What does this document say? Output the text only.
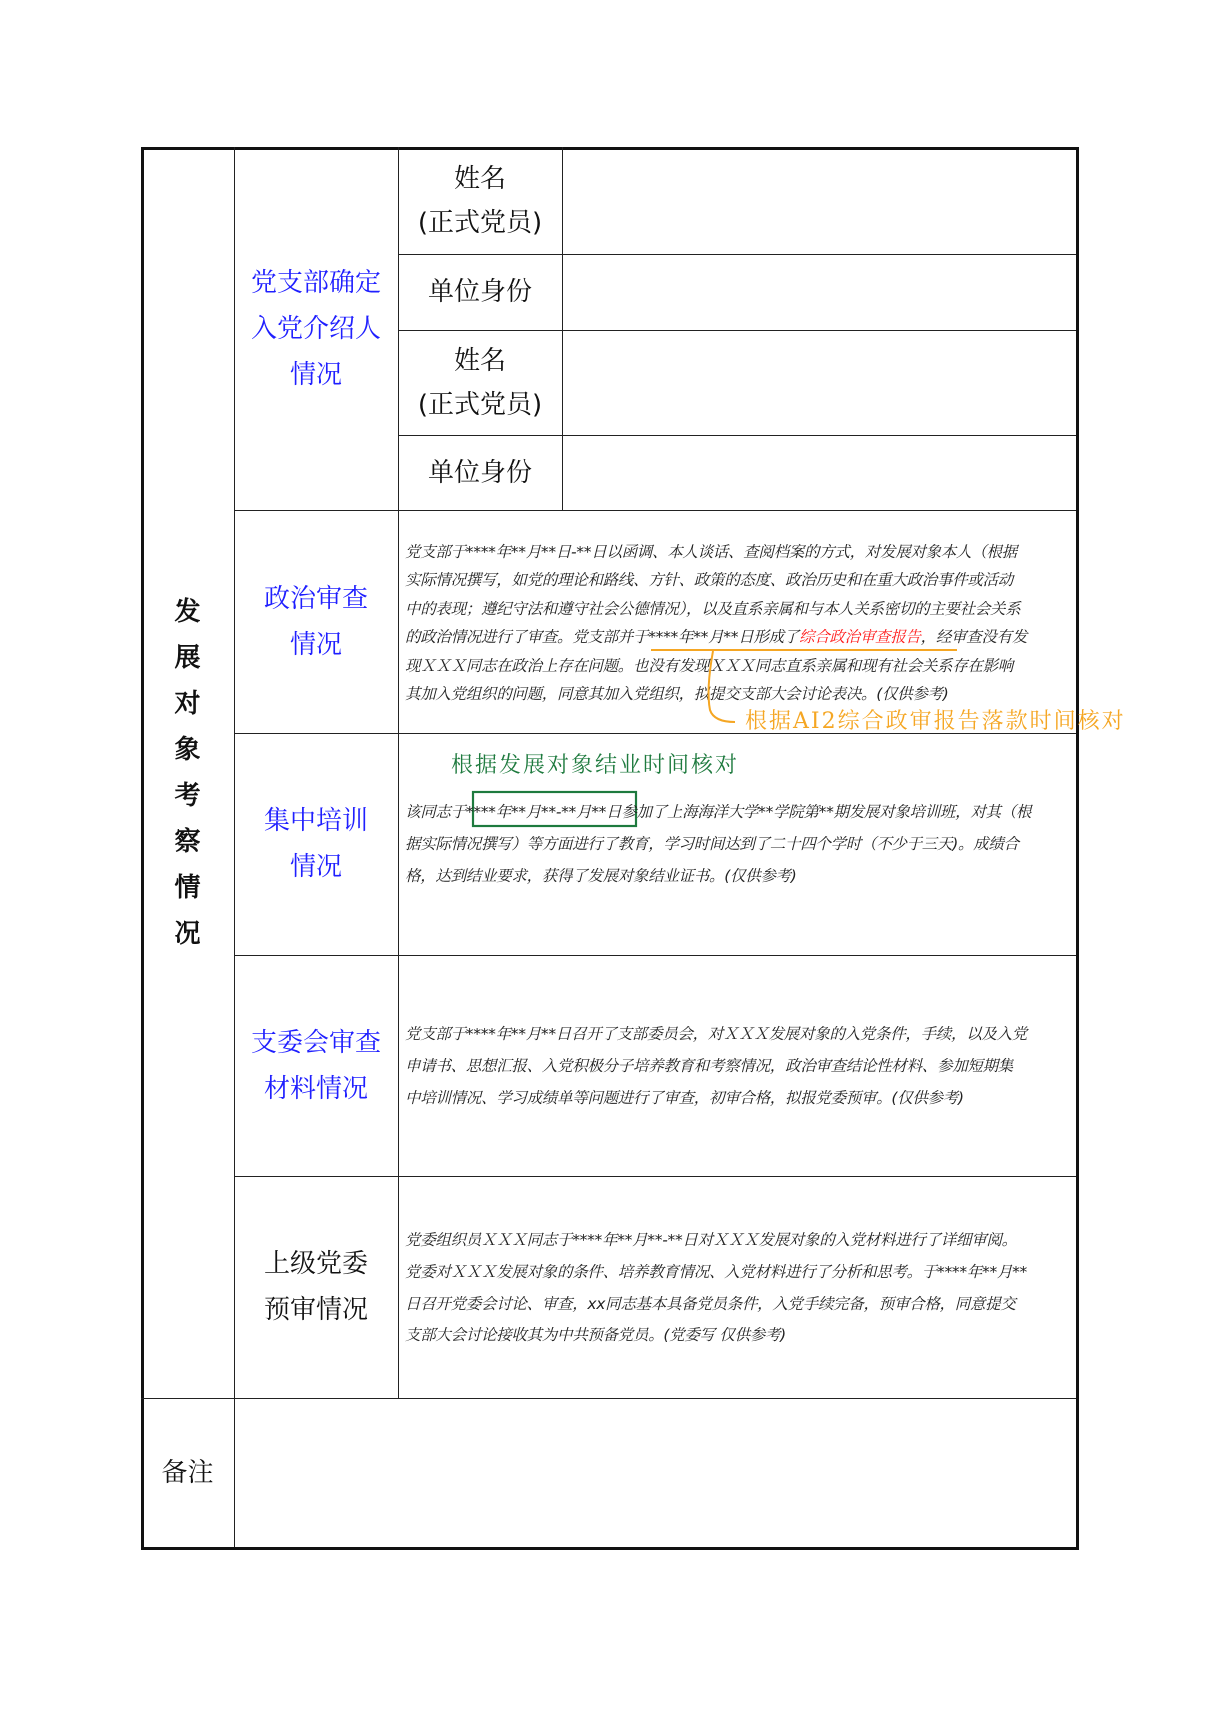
发
展
对
象
考
察
情
况
党支部确定
入党介绍人
情况
姓名
(正式党员)
单位身份
姓名
(正式党员)
单位身份
政治审查
情况
党支部于****年**月**日-**日以函调、本人谈话、查阅档案的方式，对发展对象本人（根据
实际情况撰写，如党的理论和路线、方针、政策的态度、政治历史和在重大政治事件或活动
中的表现；遵纪守法和遵守社会公德情况），以及直系亲属和与本人关系密切的主要社会关系
的政治情况进行了审查。党支部并于****年**月**日形成了综合政治审查报告，经审查没有发
现ＸＸＸ同志在政治上存在问题。也没有发现ＸＸＸ同志直系亲属和现有社会关系存在影响
其加入党组织的问题，同意其加入党组织，拟提交支部大会讨论表决。(仅供参考)
根据AI2综合政审报告落款时间核对
集中培训
情况
根据发展对象结业时间核对
该同志于****年**月**-**月**日参加了上海海洋大学**学院第**期发展对象培训班，对其（根
据实际情况撰写）等方面进行了教育，学习时间达到了二十四个学时（不少于三天)。成绩合
格，达到结业要求，获得了发展对象结业证书。(仅供参考)
支委会审查
材料情况
党支部于****年**月**日召开了支部委员会，对ＸＸＸ发展对象的入党条件，手续，以及入党
申请书、思想汇报、入党积极分子培养教育和考察情况，政治审查结论性材料、参加短期集
中培训情况、学习成绩单等问题进行了审查，初审合格，拟报党委预审。(仅供参考)
上级党委
预审情况
党委组织员ＸＸＸ同志于****年**月**-**日对ＸＸＸ发展对象的入党材料进行了详细审阅。
党委对ＸＸＸ发展对象的条件、培养教育情况、入党材料进行了分析和思考。于****年**月**
日召开党委会讨论、审查，xx同志基本具备党员条件，入党手续完备，预审合格，同意提交
支部大会讨论接收其为中共预备党员。(党委写 仅供参考)
备注
